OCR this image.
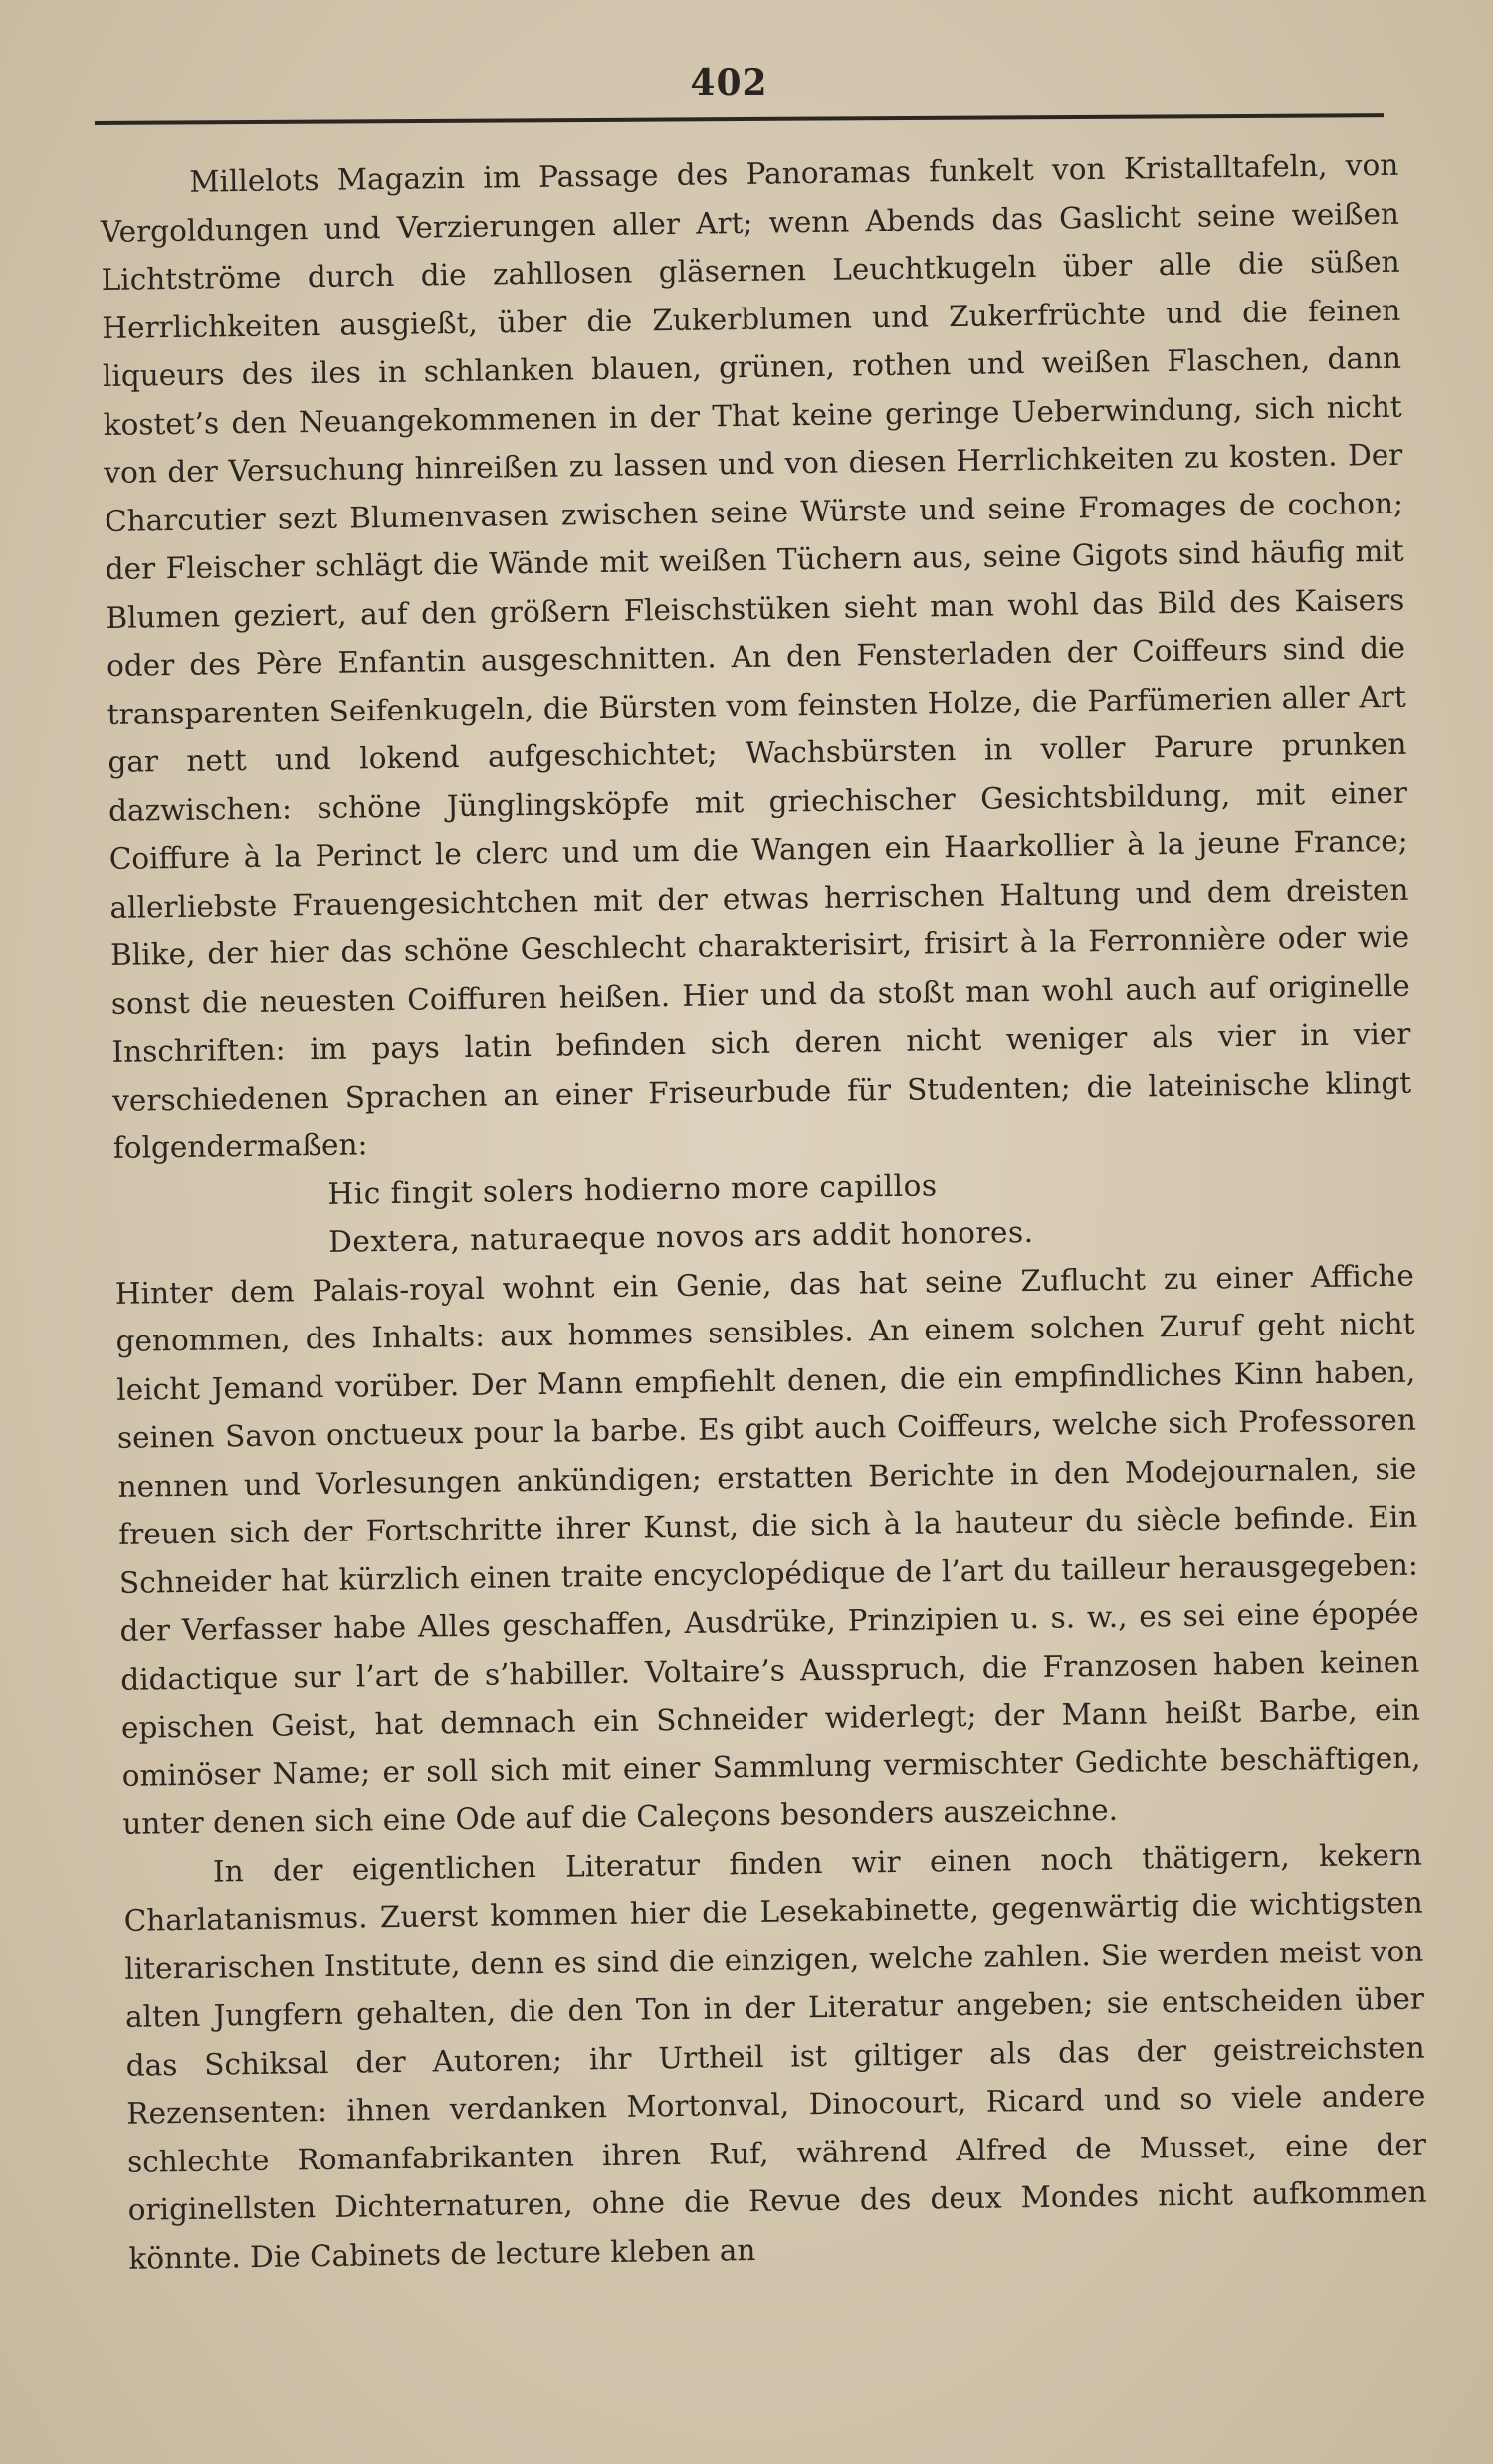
402

Millelots Magazin im Passage des Panoramas funkelt von Kristalltafeln, von Vergoldungen und Verzierungen aller Art; wenn Abends das Gaslicht seine weißen Lichtströme durch die zahllosen gläsernen Leuchtkugeln über alle die süßen Herrlichkeiten ausgießt, über die Zukerblumen und Zukerfrüchte und die feinen liqueurs des iles in schlanken blauen, grünen, rothen und weißen Flaschen, dann kostet’s den Neuangekommenen in der That keine geringe Ueberwindung, sich nicht von der Versuchung hinreißen zu lassen und von diesen Herrlichkeiten zu kosten. Der Charcutier sezt Blumenvasen zwischen seine Würste und seine Fromages de cochon; der Fleischer schlägt die Wände mit weißen Tüchern aus, seine Gigots sind häufig mit Blumen geziert, auf den größern Fleischstüken sieht man wohl das Bild des Kaisers oder des Père Enfantin ausgeschnitten. An den Fensterladen der Coiffeurs sind die transparenten Seifenkugeln, die Bürsten vom feinsten Holze, die Parfümerien aller Art gar nett und lokend aufgeschichtet; Wachsbürsten in voller Parure prunken dazwischen: schöne Jünglingsköpfe mit griechischer Gesichtsbildung, mit einer Coiffure à la Perinct le clerc und um die Wangen ein Haarkollier à la jeune France; allerliebste Frauengesichtchen mit der etwas herrischen Haltung und dem dreisten Blike, der hier das schöne Geschlecht charakterisirt, frisirt à la Ferronnière oder wie sonst die neuesten Coiffuren heißen. Hier und da stoßt man wohl auch auf originelle Inschriften: im pays latin befinden sich deren nicht weniger als vier in vier verschiedenen Sprachen an einer Friseurbude für Studenten; die lateinische klingt folgendermaßen:

Hic fingit solers hodierno more capillos

Dextera, naturaeque novos ars addit honores.

Hinter dem Palais-royal wohnt ein Genie, das hat seine Zuflucht zu einer Affiche genommen, des Inhalts: aux hommes sensibles. An einem solchen Zuruf geht nicht leicht Jemand vorüber. Der Mann empfiehlt denen, die ein empfindliches Kinn haben, seinen Savon onctueux pour la barbe. Es gibt auch Coiffeurs, welche sich Professoren nennen und Vorlesungen ankündigen; erstatten Berichte in den Modejournalen, sie freuen sich der Fortschritte ihrer Kunst, die sich à la hauteur du siècle befinde. Ein Schneider hat kürzlich einen traite encyclopédique de l’art du tailleur herausgegeben: der Verfasser habe Alles geschaffen, Ausdrüke, Prinzipien u. s. w., es sei eine épopée didactique sur l’art de s’habiller. Voltaire’s Ausspruch, die Franzosen haben keinen epischen Geist, hat demnach ein Schneider widerlegt; der Mann heißt Barbe, ein ominöser Name; er soll sich mit einer Sammlung vermischter Gedichte beschäftigen, unter denen sich eine Ode auf die Caleçons besonders auszeichne.

In der eigentlichen Literatur finden wir einen noch thätigern, kekern Charlatanismus. Zuerst kommen hier die Lesekabinette, gegenwärtig die wichtigsten literarischen Institute, denn es sind die einzigen, welche zahlen. Sie werden meist von alten Jungfern gehalten, die den Ton in der Literatur angeben; sie entscheiden über das Schiksal der Autoren; ihr Urtheil ist giltiger als das der geistreichsten Rezensenten: ihnen verdanken Mortonval, Dinocourt, Ricard und so viele andere schlechte Romanfabrikanten ihren Ruf, während Alfred de Musset, eine der originellsten Dichternaturen, ohne die Revue des deux Mondes nicht aufkommen könnte. Die Cabinets de lecture kleben an
